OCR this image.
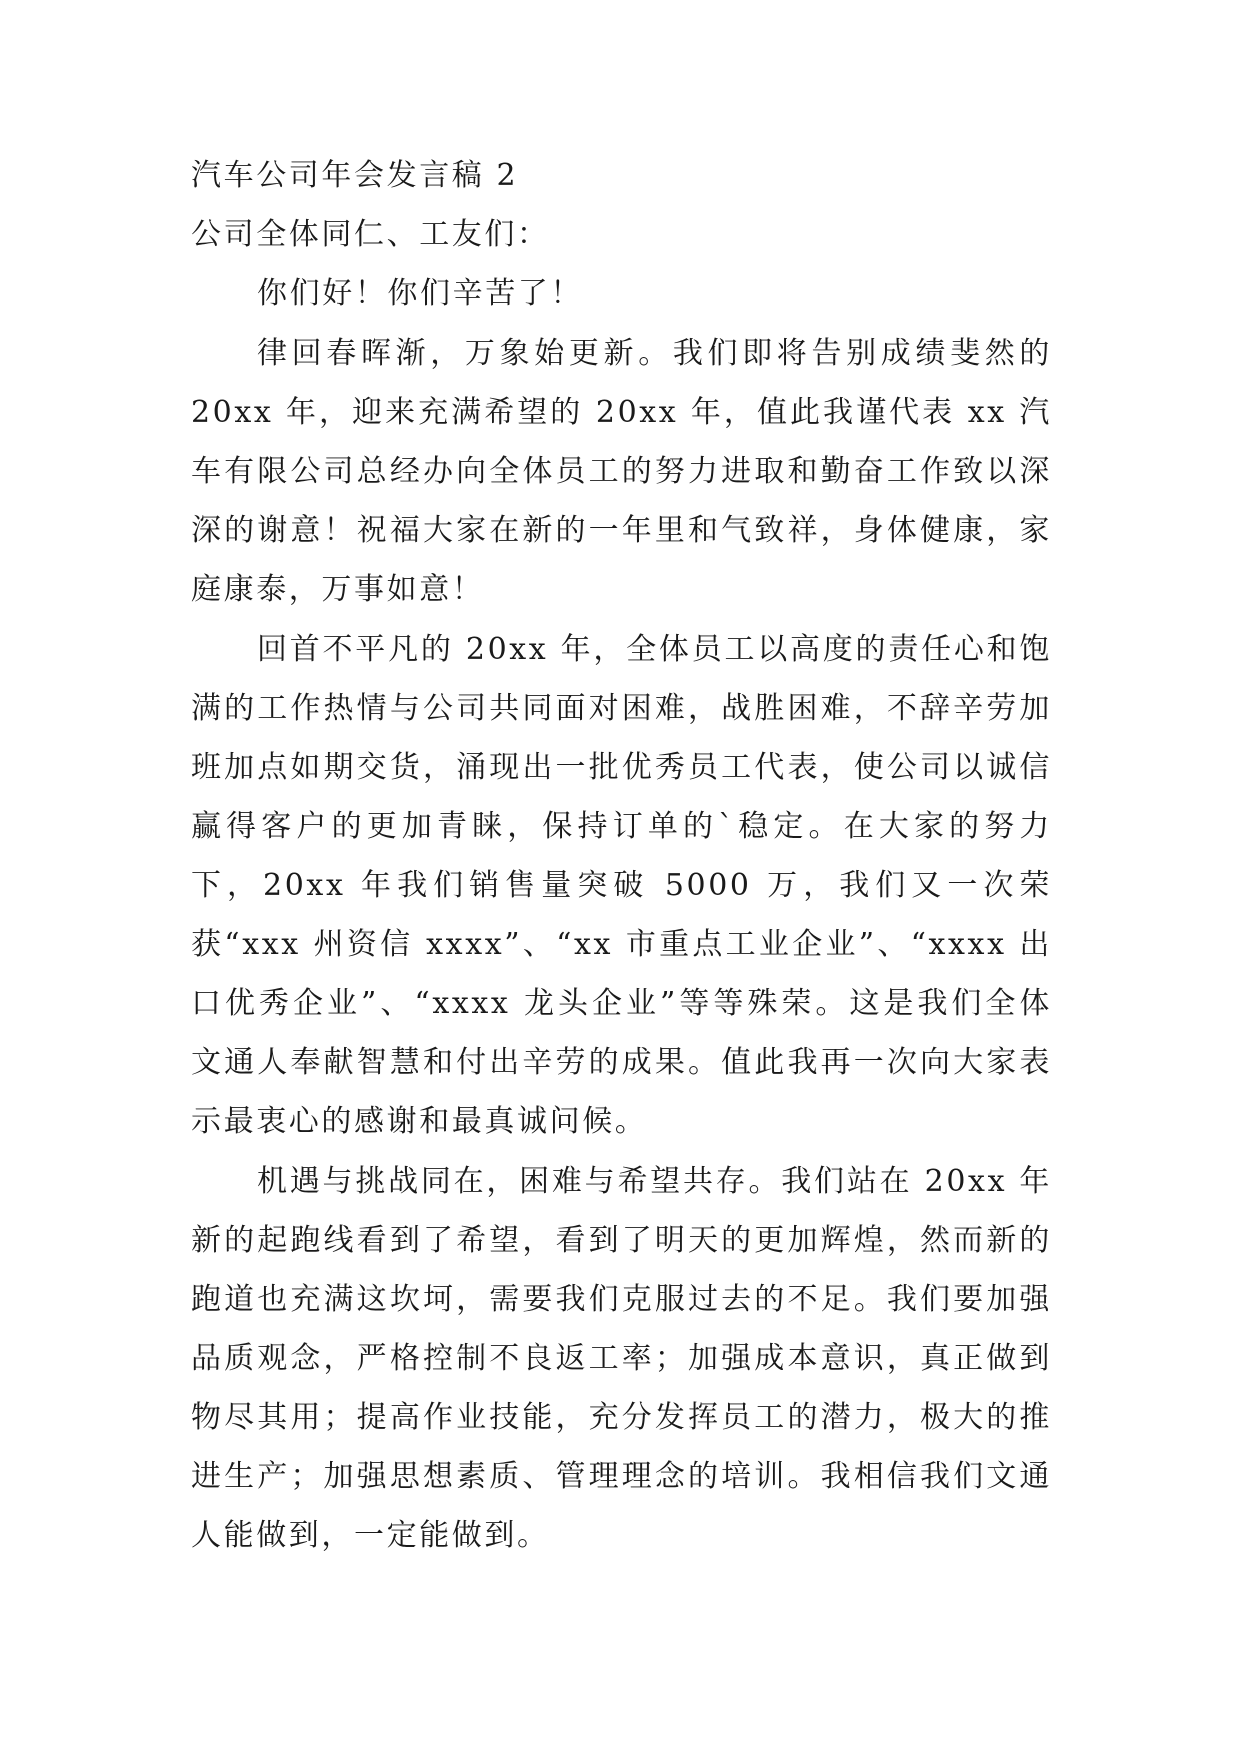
汽车公司年会发言稿 2

公司全体同仁、工友们：

你们好！你们辛苦了！

律回春晖渐，万象始更新。我们即将告别成绩斐然的 20xx 年，迎来充满希望的 20xx 年，值此我谨代表 xx 汽车有限公司总经办向全体员工的努力进取和勤奋工作致以深深的谢意！祝福大家在新的一年里和气致祥，身体健康，家庭康泰，万事如意！

回首不平凡的 20xx 年，全体员工以高度的责任心和饱满的工作热情与公司共同面对困难，战胜困难，不辞辛劳加班加点如期交货，涌现出一批优秀员工代表，使公司以诚信赢得客户的更加青睐，保持订单的`稳定。在大家的努力下，20xx 年我们销售量突破 5000 万，我们又一次荣获“xxx 州资信 xxxx”、“xx 市重点工业企业”、“xxxx 出口优秀企业”、“xxxx 龙头企业”等等殊荣。这是我们全体文通人奉献智慧和付出辛劳的成果。值此我再一次向大家表示最衷心的感谢和最真诚问候。

机遇与挑战同在，困难与希望共存。我们站在 20xx 年新的起跑线看到了希望，看到了明天的更加辉煌，然而新的跑道也充满这坎坷，需要我们克服过去的不足。我们要加强品质观念，严格控制不良返工率；加强成本意识，真正做到物尽其用；提高作业技能，充分发挥员工的潜力，极大的推进生产；加强思想素质、管理理念的培训。我相信我们文通人能做到，一定能做到。
